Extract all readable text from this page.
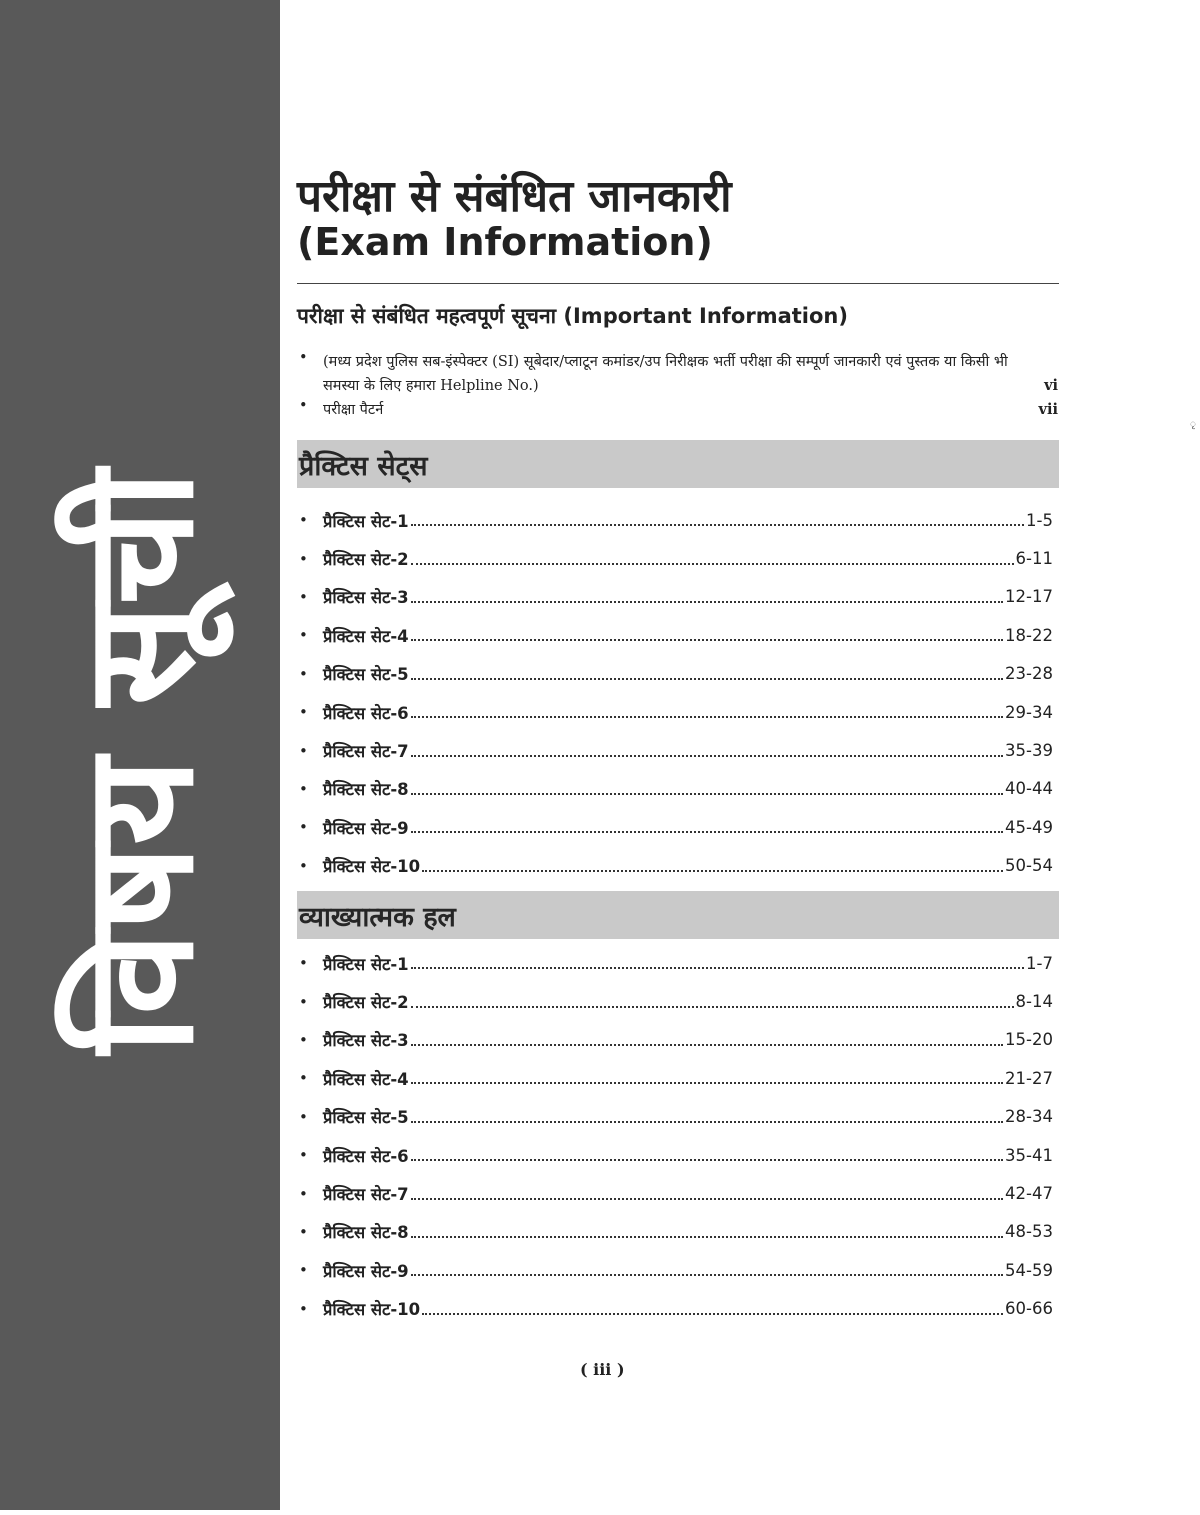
विषय सूची
परीक्षा से संबंधित जानकारी
(Exam Information)
परीक्षा से संबंधित महत्वपूर्ण सूचना (Important Information)
• (मध्य प्रदेश पुलिस सब-इंस्पेक्टर (SI) सूबेदार/प्लाटून कमांडर/उप निरीक्षक भर्ती परीक्षा की सम्पूर्ण जानकारी एवं पुस्तक या किसी भी समस्या के लिए हमारा Helpline No.)	vi
• परीक्षा पैटर्न	vii
प्रैक्टिस सेट्स
• प्रैक्टिस सेट-1	1-5
• प्रैक्टिस सेट-2	6-11
• प्रैक्टिस सेट-3	12-17
• प्रैक्टिस सेट-4	18-22
• प्रैक्टिस सेट-5	23-28
• प्रैक्टिस सेट-6	29-34
• प्रैक्टिस सेट-7	35-39
• प्रैक्टिस सेट-8	40-44
• प्रैक्टिस सेट-9	45-49
• प्रैक्टिस सेट-10	50-54
व्याख्यात्मक हल
• प्रैक्टिस सेट-1	1-7
• प्रैक्टिस सेट-2	8-14
• प्रैक्टिस सेट-3	15-20
• प्रैक्टिस सेट-4	21-27
• प्रैक्टिस सेट-5	28-34
• प्रैक्टिस सेट-6	35-41
• प्रैक्टिस सेट-7	42-47
• प्रैक्टिस सेट-8	48-53
• प्रैक्टिस सेट-9	54-59
• प्रैक्टिस सेट-10	60-66
( iii )
ृ
